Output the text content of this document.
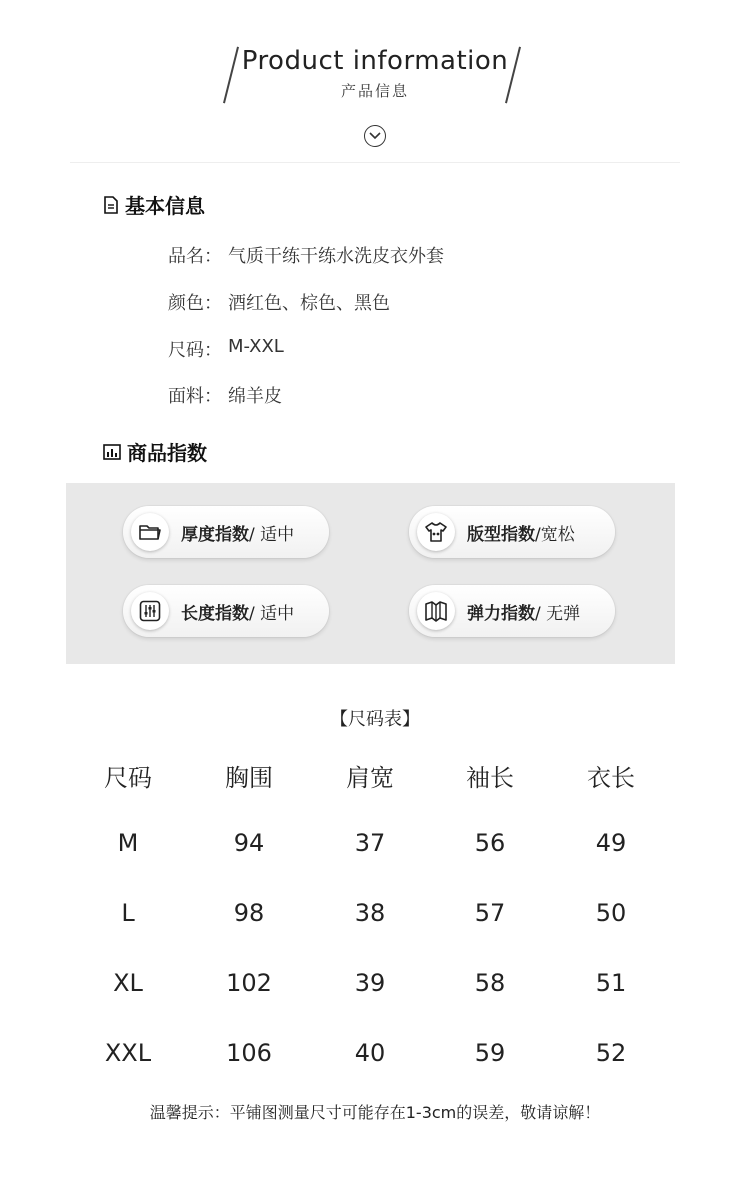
Product information
产品信息
基本信息
品名： 气质干练干练水洗皮衣外套
颜色： 酒红色、棕色、黑色
尺码： M-XXL
面料： 绵羊皮
商品指数
厚度指数/ 适中	版型指数/宽松
长度指数/ 适中	弹力指数/ 无弹
【尺码表】
尺码	胸围	肩宽	袖长	衣长
M	94	37	56	49
L	98	38	57	50
XL	102	39	58	51
XXL	106	40	59	52
温馨提示：平铺图测量尺寸可能存在1-3cm的误差，敬请谅解！
